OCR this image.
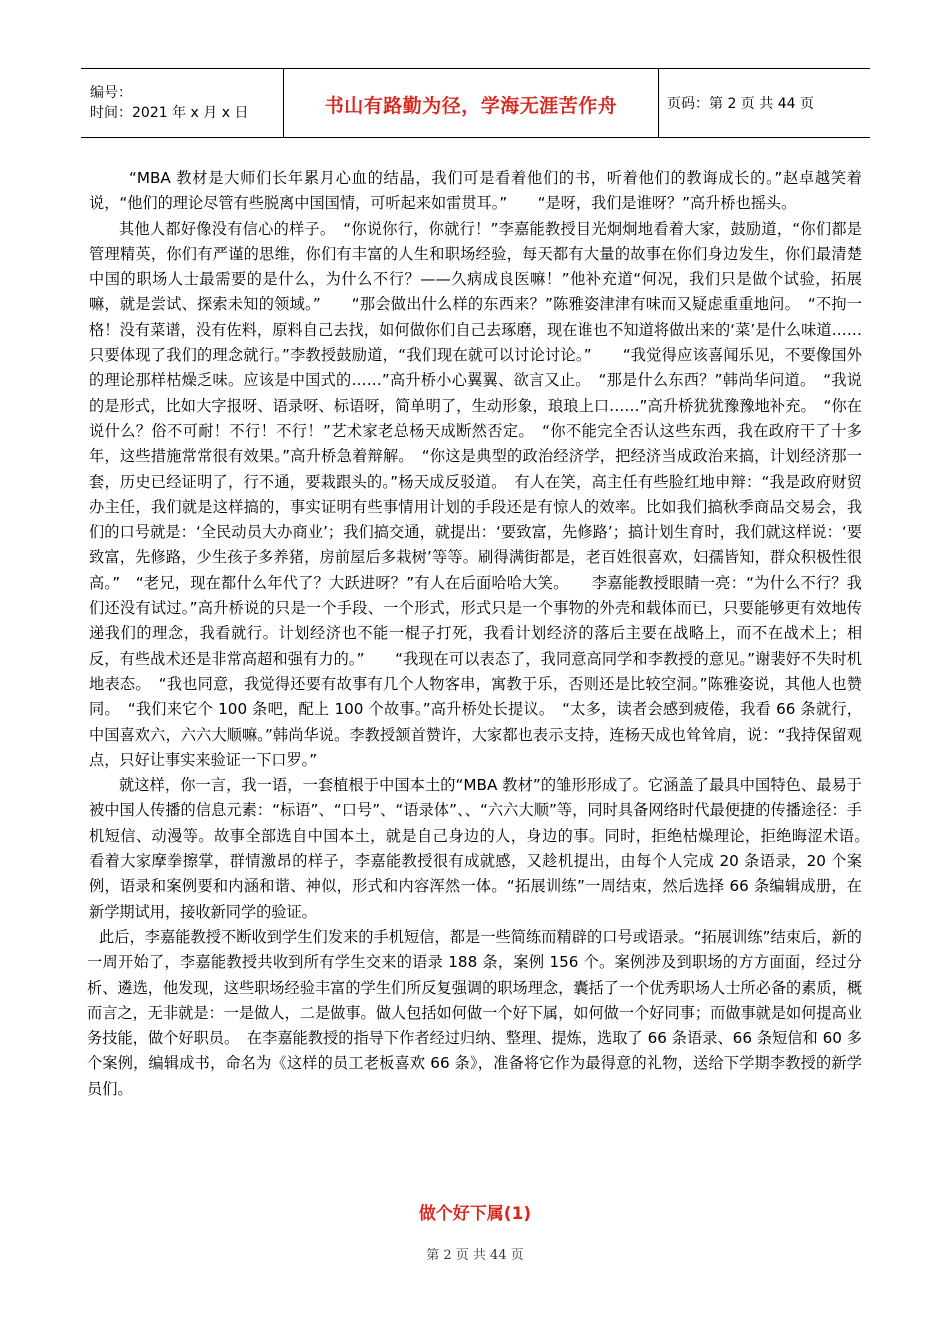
编号：
时间：2021 年 x 月 x 日	书山有路勤为径，学海无涯苦作舟	页码：第 2 页 共 44 页

“MBA 教材是大师们长年累月心血的结晶，我们可是看着他们的书，听着他们的教诲成长的。”赵卓越笑着说，“他们的理论尽管有些脱离中国国情，可听起来如雷贯耳。”　　“是呀，我们是谁呀？”高升桥也摇头。

其他人都好像没有信心的样子。　“你说你行，你就行！”李嘉能教授目光炯炯地看着大家，鼓励道，“你们都是管理精英，你们有严谨的思维，你们有丰富的人生和职场经验，每天都有大量的故事在你们身边发生，你们最清楚中国的职场人士最需要的是什么，为什么不行？——久病成良医嘛！”他补充道“何况，我们只是做个试验，拓展嘛，就是尝试、探索未知的领域。”　　“那会做出什么样的东西来？”陈雅姿津津有味而又疑虑重重地问。　“不拘一格！没有菜谱，没有佐料，原料自己去找，如何做你们自己去琢磨，现在谁也不知道将做出来的‘菜’是什么味道……只要体现了我们的理念就行。”李教授鼓励道，“我们现在就可以讨论讨论。”　　“我觉得应该喜闻乐见，不要像国外的理论那样枯燥乏味。应该是中国式的……”高升桥小心翼翼、欲言又止。　“那是什么东西？”韩尚华问道。　“我说的是形式，比如大字报呀、语录呀、标语呀，简单明了，生动形象，琅琅上口……”高升桥犹犹豫豫地补充。　“你在说什么？俗不可耐！不行！不行！”艺术家老总杨天成断然否定。　“你不能完全否认这些东西，我在政府干了十多年，这些措施常常很有效果。”高升桥急着辩解。　“你这是典型的政治经济学，把经济当成政治来搞，计划经济那一套，历史已经证明了，行不通，要栽跟头的。”杨天成反驳道。　有人在笑，高主任有些脸红地申辩：“我是政府财贸办主任，我们就是这样搞的，事实证明有些事情用计划的手段还是有惊人的效率。比如我们搞秋季商品交易会，我们的口号就是：‘全民动员大办商业’；我们搞交通，就提出：‘要致富，先修路’；搞计划生育时，我们就这样说：‘要致富，先修路，少生孩子多养猪，房前屋后多栽树’等等。刷得满街都是，老百姓很喜欢，妇孺皆知，群众积极性很高。”　“老兄，现在都什么年代了？大跃进呀？”有人在后面哈哈大笑。　　李嘉能教授眼睛一亮：“为什么不行？我们还没有试过。”高升桥说的只是一个手段、一个形式，形式只是一个事物的外壳和载体而已，只要能够更有效地传递我们的理念，我看就行。计划经济也不能一棍子打死，我看计划经济的落后主要在战略上，而不在战术上；相反，有些战术还是非常高超和强有力的。”　　“我现在可以表态了，我同意高同学和李教授的意见。”谢裴妤不失时机地表态。　“我也同意，我觉得还要有故事有几个人物客串，寓教于乐，否则还是比较空洞。”陈雅姿说，其他人也赞同。　“我们来它个 100 条吧，配上 100 个故事。”高升桥处长提议。　“太多，读者会感到疲倦，我看 66 条就行，中国喜欢六，六六大顺嘛。”韩尚华说。李教授颔首赞许，大家都也表示支持，连杨天成也耸耸肩，说：“我持保留观点，只好让事实来验证一下口罗。”

就这样，你一言，我一语，一套植根于中国本土的“MBA 教材”的雏形形成了。它涵盖了最具中国特色、最易于被中国人传播的信息元素：“标语”、“口号”、“语录体”、、“六六大顺”等，同时具备网络时代最便捷的传播途径：手机短信、动漫等。故事全部选自中国本土，就是自己身边的人，身边的事。同时，拒绝枯燥理论，拒绝晦涩术语。　看着大家摩拳擦掌，群情激昂的样子，李嘉能教授很有成就感，又趁机提出，由每个人完成 20 条语录，20 个案例，语录和案例要和内涵和谐、神似，形式和内容浑然一体。“拓展训练”一周结束，然后选择 66 条编辑成册，在新学期试用，接收新同学的验证。

此后，李嘉能教授不断收到学生们发来的手机短信，都是一些简练而精辟的口号或语录。“拓展训练”结束后，新的一周开始了，李嘉能教授共收到所有学生交来的语录 188 条，案例 156 个。案例涉及到职场的方方面面，经过分析、遴选，他发现，这些职场经验丰富的学生们所反复强调的职场理念，囊括了一个优秀职场人士所必备的素质，概而言之，无非就是：一是做人，二是做事。做人包括如何做一个好下属，如何做一个好同事；而做事就是如何提高业务技能，做个好职员。　在李嘉能教授的指导下作者经过归纳、整理、提炼，选取了 66 条语录、66 条短信和 60 多个案例，编辑成书，命名为《这样的员工老板喜欢 66 条》，准备将它作为最得意的礼物，送给下学期李教授的新学员们。

做个好下属(1)
第 2 页 共 44 页
